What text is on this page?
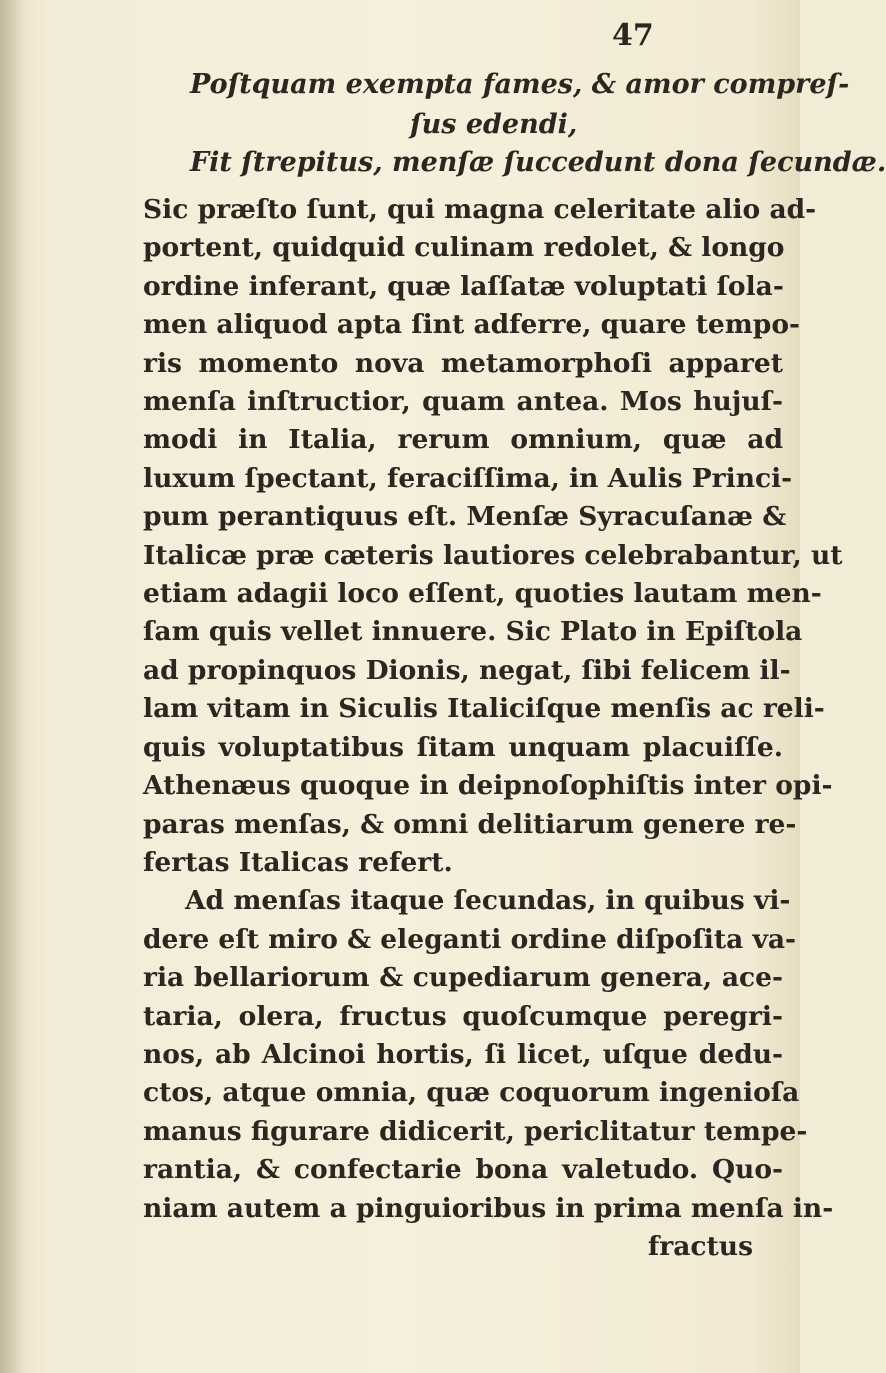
47
Poſtquam exempta fames, & amor compreſ-
ſus edendi,
Fit ſtrepitus, menſæ ſuccedunt dona ſecundæ.
Sic præſto ſunt, qui magna celeritate alio ad-
portent, quidquid culinam redolet, & longo
ordine inferant, quæ laſſatæ voluptati ſola-
men aliquod apta ſint adferre, quare tempo-
ris momento nova metamorphoſi apparet
menſa inſtructior, quam antea. Mos hujuſ-
modi in Italia, rerum omnium, quæ ad
luxum ſpectant, feraciſſima, in Aulis Princi-
pum perantiquus eſt. Menſæ Syracuſanæ &
Italicæ præ cæteris lautiores celebrabantur, ut
etiam adagii loco eſſent, quoties lautam men-
ſam quis vellet innuere. Sic Plato in Epiſtola
ad propinquos Dionis, negat, ſibi felicem il-
lam vitam in Siculis Italiciſque menſis ac reli-
quis voluptatibus ſitam unquam placuiſſe.
Athenæus quoque in deipnoſophiſtis inter opi-
paras menſas, & omni delitiarum genere re-
fertas Italicas refert.
Ad menſas itaque ſecundas, in quibus vi-
dere eſt miro & eleganti ordine diſpoſita va-
ria bellariorum & cupediarum genera, ace-
taria, olera, fructus quoſcumque peregri-
nos, ab Alcinoi hortis, ſi licet, uſque dedu-
ctos, atque omnia, quæ coquorum ingenioſa
manus figurare didicerit, periclitatur tempe-
rantia, & confectarie bona valetudo. Quo-
niam autem a pinguioribus in prima menſa in-
fractus
